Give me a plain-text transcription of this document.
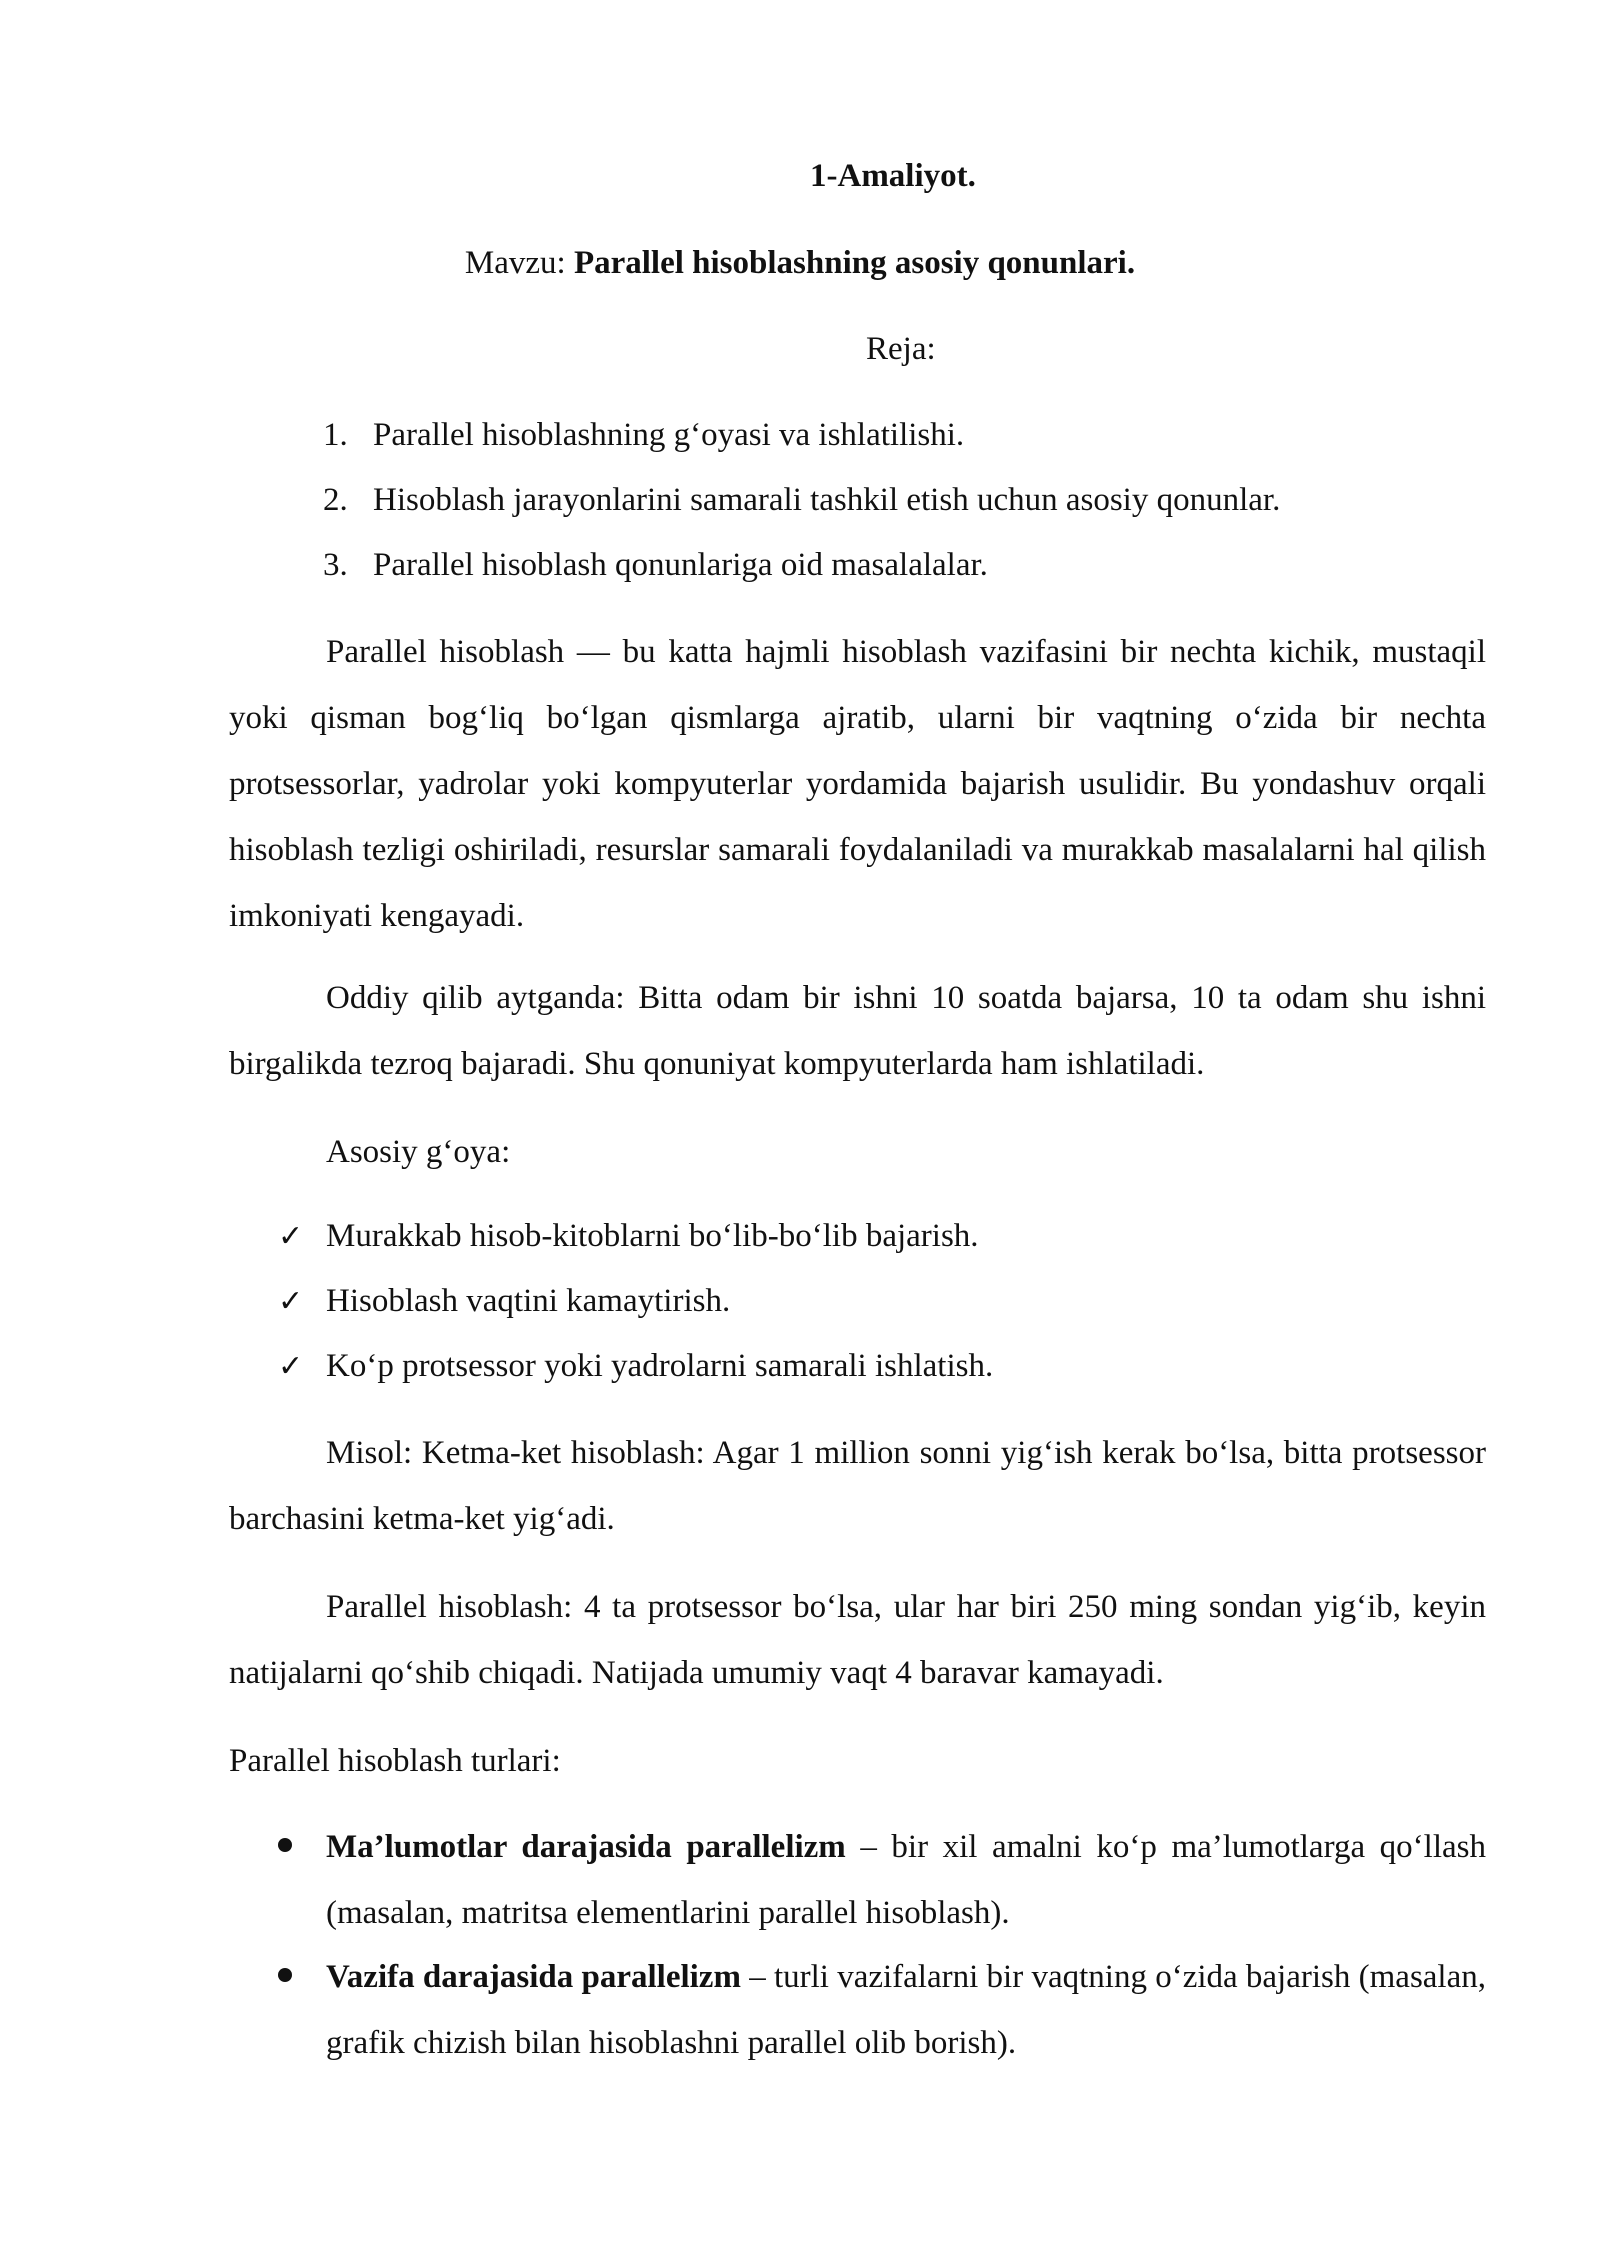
1-Amaliyot.
Mavzu: Parallel hisoblashning asosiy qonunlari.
Reja:
1. Parallel hisoblashning g‘oyasi va ishlatilishi.
2. Hisoblash jarayonlarini samarali tashkil etish uchun asosiy qonunlar.
3. Parallel hisoblash qonunlariga oid masalalalar.
Parallel hisoblash — bu katta hajmli hisoblash vazifasini bir nechta kichik, mustaqil yoki qisman bog‘liq bo‘lgan qismlarga ajratib, ularni bir vaqtning o‘zida bir nechta protsessorlar, yadrolar yoki kompyuterlar yordamida bajarish usulidir. Bu yondashuv orqali hisoblash tezligi oshiriladi, resurslar samarali foydalaniladi va murakkab masalalarni hal qilish imkoniyati kengayadi.
Oddiy qilib aytganda: Bitta odam bir ishni 10 soatda bajarsa, 10 ta odam shu ishni birgalikda tezroq bajaradi. Shu qonuniyat kompyuterlarda ham ishlatiladi.
Asosiy g‘oya:
✓ Murakkab hisob-kitoblarni bo‘lib-bo‘lib bajarish.
✓ Hisoblash vaqtini kamaytirish.
✓ Ko‘p protsessor yoki yadrolarni samarali ishlatish.
Misol: Ketma-ket hisoblash: Agar 1 million sonni yig‘ish kerak bo‘lsa, bitta protsessor barchasini ketma-ket yig‘adi.
Parallel hisoblash: 4 ta protsessor bo‘lsa, ular har biri 250 ming sondan yig‘ib, keyin natijalarni qo‘shib chiqadi. Natijada umumiy vaqt 4 baravar kamayadi.
Parallel hisoblash turlari:
Ma’lumotlar darajasida parallelizm – bir xil amalni ko‘p ma’lumotlarga qo‘llash (masalan, matritsa elementlarini parallel hisoblash).
Vazifa darajasida parallelizm – turli vazifalarni bir vaqtning o‘zida bajarish (masalan, grafik chizish bilan hisoblashni parallel olib borish).
